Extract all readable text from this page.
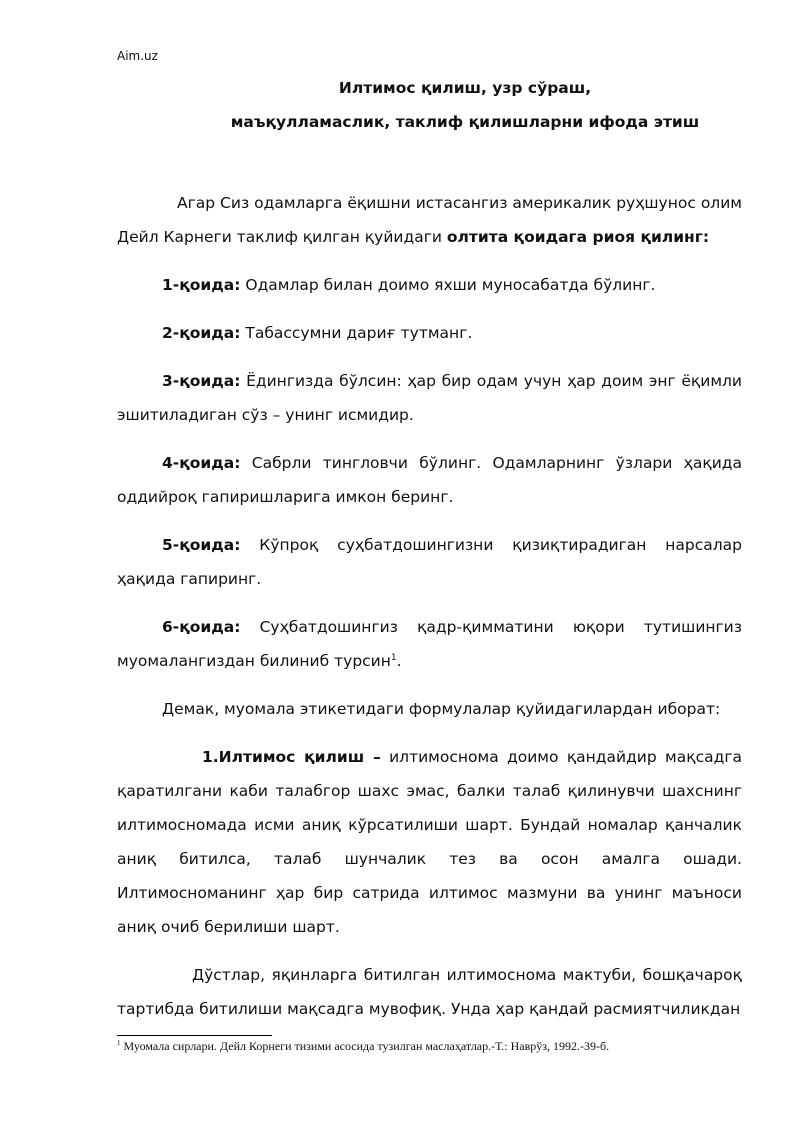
Aim.uz
Илтимос қилиш, узр сўраш,
маъқулламаслик, таклиф қилишларни ифода этиш

Агар Сиз одамларга ёқишни истасангиз америкалик руҳшунос олим Дейл Карнеги таклиф қилган қуйидаги олтита қоидага риоя қилинг:

1-қоида: Одамлар билан доимо яхши муносабатда бўлинг.

2-қоида: Табассумни дариғ тутманг.

3-қоида: Ёдингизда бўлсин: ҳар бир одам учун ҳар доим энг ёқимли эшитиладиган сўз – унинг исмидир.

4-қоида: Сабрли тингловчи бўлинг. Одамларнинг ўзлари ҳақида оддийроқ гапиришларига имкон беринг.

5-қоида: Кўпроқ суҳбатдошингизни қизиқтирадиган нарсалар ҳақида гапиринг.

6-қоида: Суҳбатдошингиз қадр-қимматини юқори тутишингиз муомалангиздан билиниб турсин$^1$.

Демак, муомала этикетидаги формулалар қуйидагилардан иборат:

1.Илтимос қилиш – илтимоснома доимо қандайдир мақсадга қаратилгани каби талабгор шахс эмас, балки талаб қилинувчи шахснинг илтимосномада исми аниқ кўрсатилиши шарт. Бундай номалар қанчалик аниқ битилса, талаб шунчалик тез ва осон амалга ошади. Илтимосноманинг ҳар бир сатрида илтимос мазмуни ва унинг маъноси аниқ очиб берилиши шарт.

Дўстлар, яқинларга битилган илтимоснома мактуби, бошқачароқ тартибда битилиши мақсадга мувофиқ. Унда ҳар қандай расмиятчиликдан

$^1$ Муомала сирлари. Дейл Корнеги тизими асосида тузилган маслаҳатлар.-Т.: Наврўз, 1992.-39-б.
